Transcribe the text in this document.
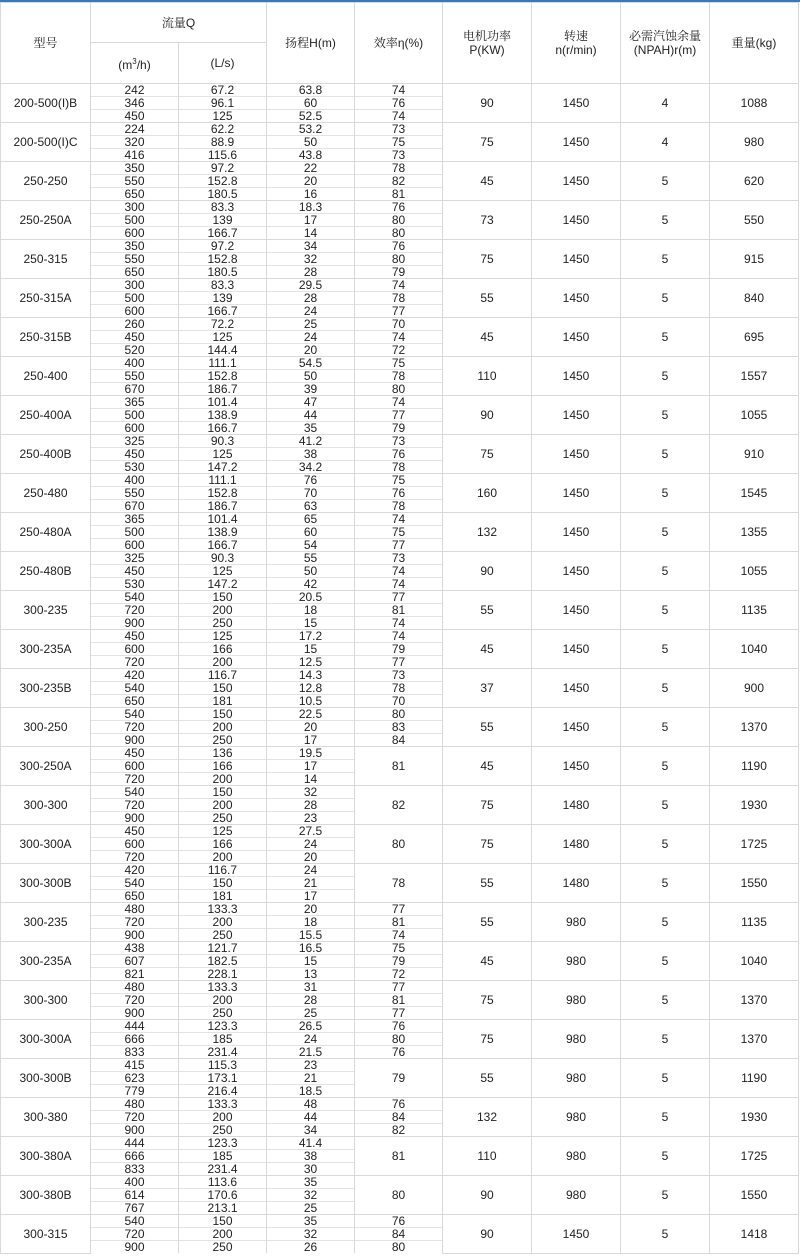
型号	流量Q		扬程H(m)	效率η(%)	电机功率
P(KW)	转速
n(r/min)	必需汽蚀余量
(NPAH)r(m)	重量(kg)
	$(m^3/h)$	(L/s)						
200-500(I)B	242	67.2	63.8	74	90	1450	4	1088
	346	96.1	60	76				
	450	125	52.5	74				
200-500(I)C	224	62.2	53.2	73	75	1450	4	980
	320	88.9	50	75				
	416	115.6	43.8	73				
250-250	350	97.2	22	78	45	1450	5	620
	550	152.8	20	82				
	650	180.5	16	81				
250-250A	300	83.3	18.3	76	73	1450	5	550
	500	139	17	80				
	600	166.7	14	80				
250-315	350	97.2	34	76	75	1450	5	915
	550	152.8	32	80				
	650	180.5	28	79				
250-315A	300	83.3	29.5	74	55	1450	5	840
	500	139	28	78				
	600	166.7	24	77				
250-315B	260	72.2	25	70	45	1450	5	695
	450	125	24	74				
	520	144.4	20	72				
250-400	400	111.1	54.5	75	110	1450	5	1557
	550	152.8	50	78				
	670	186.7	39	80				
250-400A	365	101.4	47	74	90	1450	5	1055
	500	138.9	44	77				
	600	166.7	35	79				
250-400B	325	90.3	41.2	73	75	1450	5	910
	450	125	38	76				
	530	147.2	34.2	78				
250-480	400	111.1	76	75	160	1450	5	1545
	550	152.8	70	76				
	670	186.7	63	78				
250-480A	365	101.4	65	74	132	1450	5	1355
	500	138.9	60	75				
	600	166.7	54	77				
250-480B	325	90.3	55	73	90	1450	5	1055
	450	125	50	74				
	530	147.2	42	74				
300-235	540	150	20.5	77	55	1450	5	1135
	720	200	18	81				
	900	250	15	74				
300-235A	450	125	17.2	74	45	1450	5	1040
	600	166	15	79				
	720	200	12.5	77				
300-235B	420	116.7	14.3	73	37	1450	5	900
	540	150	12.8	78				
	650	181	10.5	70				
300-250	540	150	22.5	80	55	1450	5	1370
	720	200	20	83				
	900	250	17	84				
300-250A	450	136	19.5	81	45	1450	5	1190
	600	166	17					
	720	200	14					
300-300	540	150	32	82	75	1480	5	1930
	720	200	28					
	900	250	23					
300-300A	450	125	27.5	80	75	1480	5	1725
	600	166	24					
	720	200	20					
300-300B	420	116.7	24	78	55	1480	5	1550
	540	150	21					
	650	181	17					
300-235	480	133.3	20	77	55	980	5	1135
	720	200	18	81				
	900	250	15.5	74				
300-235A	438	121.7	16.5	75	45	980	5	1040
	607	182.5	15	79				
	821	228.1	13	72				
300-300	480	133.3	31	77	75	980	5	1370
	720	200	28	81				
	900	250	25	77				
300-300A	444	123.3	26.5	76	75	980	5	1370
	666	185	24	80				
	833	231.4	21.5	76				
300-300B	415	115.3	23	79	55	980	5	1190
	623	173.1	21					
	779	216.4	18.5					
300-380	480	133.3	48	76	132	980	5	1930
	720	200	44	84				
	900	250	34	82				
300-380A	444	123.3	41.4	81	110	980	5	1725
	666	185	38					
	833	231.4	30					
300-380B	400	113.6	35	80	90	980	5	1550
	614	170.6	32					
	767	213.1	25					
300-315	540	150	35	76	90	1450	5	1418
	720	200	32	84				
	900	250	26	80				
